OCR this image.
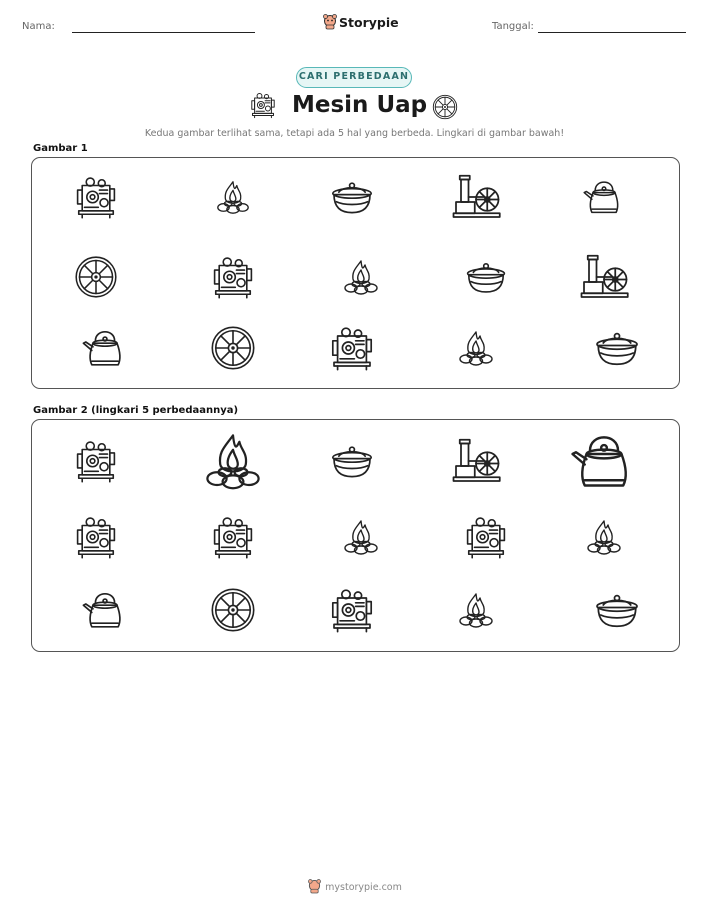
Nama:	Storypie	Tanggal:
CARI PERBEDAAN
Mesin Uap
Kedua gambar terlihat sama, tetapi ada 5 hal yang berbeda. Lingkari di gambar bawah!
Gambar 1
Gambar 2 (lingkari 5 perbedaannya)
mystorypie.com
